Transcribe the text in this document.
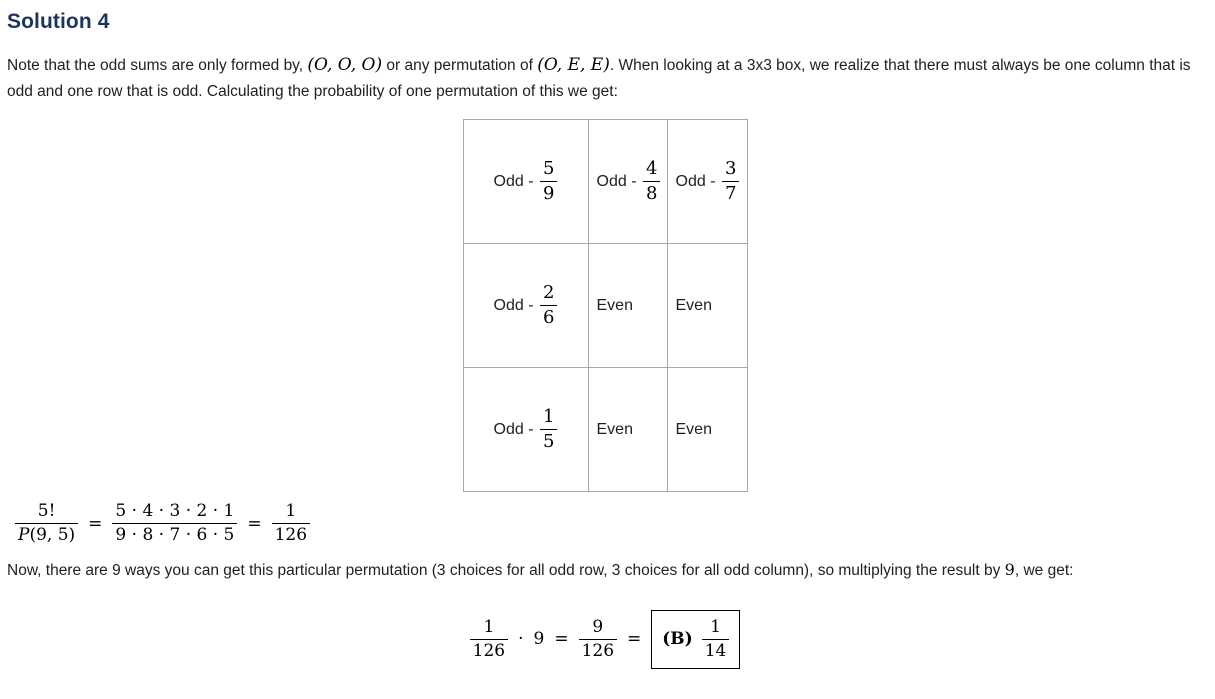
Solution 4

Note that the odd sums are only formed by, (O, O, O) or any permutation of (O, E, E). When looking at a 3x3 box, we realize that there must always be one column that is odd and one row that is odd. Calculating the probability of one permutation of this we get:

Odd - $\frac{5}{9}$	Odd - $\frac{4}{8}$	Odd - $\frac{3}{7}$

Odd - $\frac{2}{6}$	Even	Even
Odd - $\frac{1}{5}$	Even	Even
$\frac{5!}{P(9, 5)} = \frac{5 \cdot 4 \cdot 3 \cdot 2 \cdot 1}{9 \cdot 8 \cdot 7 \cdot 6 \cdot 5} = \frac{1}{126}$

Now, there are 9 ways you can get this particular permutation (3 choices for all odd row, 3 choices for all odd column), so multiplying the result by 9, we get:

$\frac{1}{126} \cdot 9 = \frac{9}{126} = (B) \frac{1}{14}$
